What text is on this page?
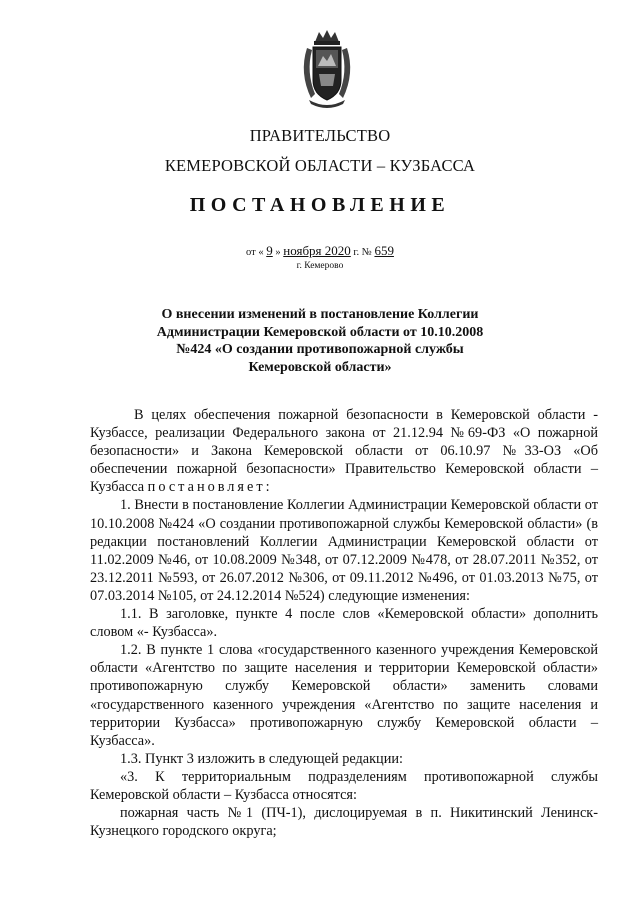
ПРАВИТЕЛЬСТВО
КЕМЕРОВСКОЙ ОБЛАСТИ – КУЗБАССА
ПОСТАНОВЛЕНИЕ
от « 9 » ноября 2020 г. № 659
г. Кемерово
О внесении изменений в постановление Коллегии
Администрации Кемеровской области от 10.10.2008
№424 «О создании противопожарной службы
Кемеровской области»

В целях обеспечения пожарной безопасности в Кемеровской области - Кузбассе, реализации Федерального закона от 21.12.94 №69-ФЗ «О пожарной безопасности» и Закона Кемеровской области от 06.10.97 №33-ОЗ «Об обеспечении пожарной безопасности» Правительство Кемеровской области – Кузбасса постановляет:

1. Внести в постановление Коллегии Администрации Кемеровской области от 10.10.2008 №424 «О создании противопожарной службы Кемеровской области» (в редакции постановлений Коллегии Администрации Кемеровской области от 11.02.2009 №46, от 10.08.2009 №348, от 07.12.2009 №478, от 28.07.2011 №352, от 23.12.2011 №593, от 26.07.2012 №306, от 09.11.2012 №496, от 01.03.2013 №75, от 07.03.2014 №105, от 24.12.2014 №524) следующие изменения:

1.1. В заголовке, пункте 4 после слов «Кемеровской области» дополнить словом «- Кузбасса».

1.2. В пункте 1 слова «государственного казенного учреждения Кемеровской области «Агентство по защите населения и территории Кемеровской области» противопожарную службу Кемеровской области» заменить словами «государственного казенного учреждения «Агентство по защите населения и территории Кузбасса» противопожарную службу Кемеровской области – Кузбасса».

1.3. Пункт 3 изложить в следующей редакции:

«3. К территориальным подразделениям противопожарной службы Кемеровской области – Кузбасса относятся:

пожарная часть №1 (ПЧ-1), дислоцируемая в п. Никитинский Ленинск-Кузнецкого городского округа;
